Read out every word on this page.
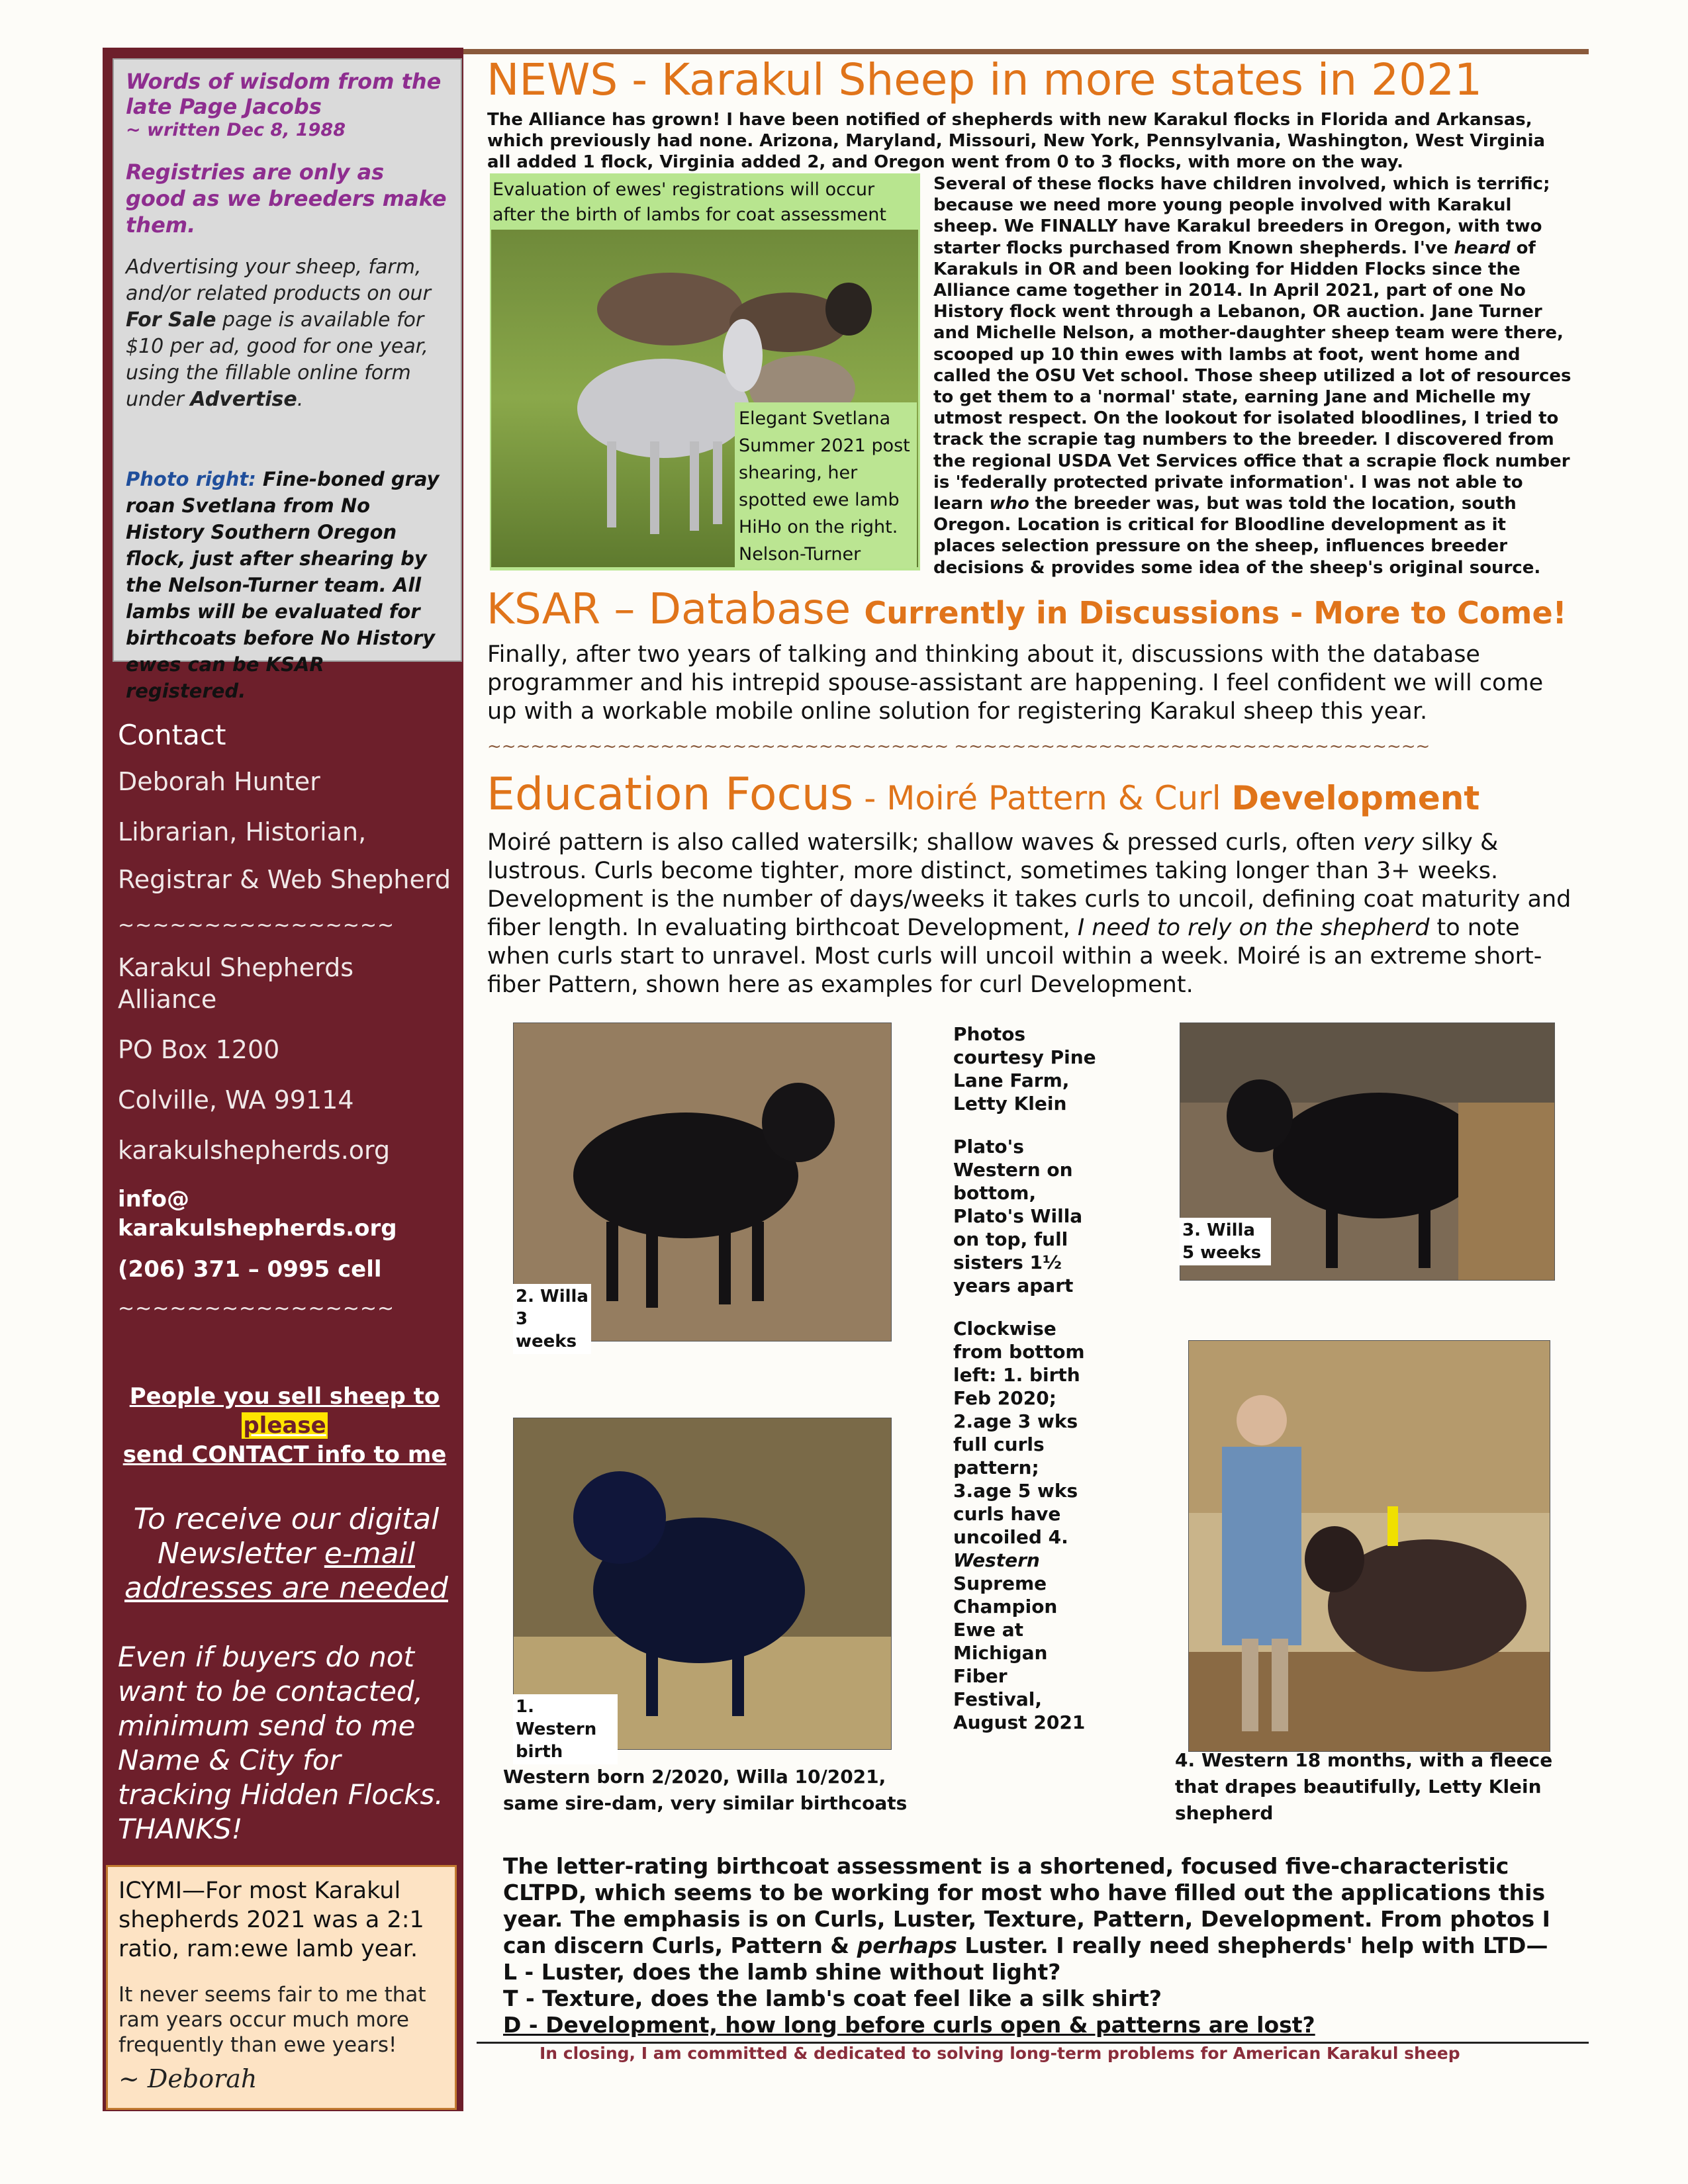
Words of wisdom from the late Page Jacobs

~ written Dec 8, 1988

Registries are only as good as we breeders make them.

Advertising your sheep, farm, and/or related products on our For Sale page is available for $10 per ad, good for one year, using the fillable online form under Advertise.

Photo right: Fine-boned gray roan Svetlana from No History Southern Oregon flock, just after shearing by the Nelson-Turner team. All lambs will be evaluated for birthcoats before No History ewes can be KSAR registered.

Contact

Deborah Hunter

Librarian, Historian,

Registrar & Web Shepherd

~~~~~~~~~~~~~~~~

Karakul Shepherds Alliance

PO Box 1200

Colville, WA 99114

karakulshepherds.org

info@

karakulshepherds.org

(206) 371 – 0995 cell

~~~~~~~~~~~~~~~~

People you sell sheep to
please
send CONTACT info to me
To receive our digital Newsletter e-mail addresses are needed
Even if buyers do not want to be contacted, minimum send to me Name & City for tracking Hidden Flocks. THANKS!

ICYMI—For most Karakul shepherds 2021 was a 2:1 ratio, ram:ewe lamb year.

It never seems fair to me that ram years occur much more frequently than ewe years!

~ Deborah

NEWS - Karakul Sheep in more states in 2021
The Alliance has grown! I have been notified of shepherds with new Karakul flocks in Florida and Arkansas, which previously had none. Arizona, Maryland, Missouri, New York, Pennsylvania, Washington, West Virginia all added 1 flock, Virginia added 2, and Oregon went from 0 to 3 flocks, with more on the way.
Evaluation of ewes' registrations will occur after the birth of lambs for coat assessment
Elegant Svetlana Summer 2021 post shearing, her spotted ewe lamb HiHo on the right. Nelson-Turner
Several of these flocks have children involved, which is terrific; because we need more young people involved with Karakul sheep. We FINALLY have Karakul breeders in Oregon, with two starter flocks purchased from Known shepherds. I've heard of Karakuls in OR and been looking for Hidden Flocks since the Alliance came together in 2014. In April 2021, part of one No History flock went through a Lebanon, OR auction. Jane Turner and Michelle Nelson, a mother-daughter sheep team were there, scooped up 10 thin ewes with lambs at foot, went home and called the OSU Vet school. Those sheep utilized a lot of resources to get them to a 'normal' state, earning Jane and Michelle my utmost respect. On the lookout for isolated bloodlines, I tried to track the scrapie tag numbers to the breeder. I discovered from the regional USDA Vet Services office that a scrapie flock number is 'federally protected private information'. I was not able to learn who the breeder was, but was told the location, south Oregon. Location is critical for Bloodline development as it places selection pressure on the sheep, influences breeder decisions & provides some idea of the sheep's original source.
KSAR – Database Currently in Discussions - More to Come!
Finally, after two years of talking and thinking about it, discussions with the database programmer and his intrepid spouse-assistant are happening. I feel confident we will come up with a workable mobile online solution for registering Karakul sheep this year.
~~~~~~~~~~~~~~~~~~~~~~~~~~~~~~~~ ~~~~~~~~~~~~~~~~~~~~~~~~~~~~~~~~~
Education Focus - Moiré Pattern & Curl Development
Moiré pattern is also called watersilk; shallow waves & pressed curls, often very silky & lustrous. Curls become tighter, more distinct, sometimes taking longer than 3+ weeks. Development is the number of days/weeks it takes curls to uncoil, defining coat maturity and fiber length. In evaluating birthcoat Development, I need to rely on the shepherd to note when curls start to unravel. Most curls will uncoil within a week. Moiré is an extreme short-fiber Pattern, shown here as examples for curl Development.
2. Willa 3 weeks
3. Willa 5 weeks

Photos courtesy Pine Lane Farm, Letty Klein

Plato's Western on bottom, Plato's Willa on top, full sisters 1½ years apart

Clockwise from bottom left: 1. birth Feb 2020; 2.age 3 wks full curls pattern; 3.age 5 wks curls have uncoiled 4. Western Supreme Champion Ewe at Michigan Fiber Festival, August 2021

1. Western birth
Western born 2/2020, Willa 10/2021, same sire-dam, very similar birthcoats
4. Western 18 months, with a fleece that drapes beautifully, Letty Klein shepherd

The letter-rating birthcoat assessment is a shortened, focused five-characteristic CLTPD, which seems to be working for most who have filled out the applications this year. The emphasis is on Curls, Luster, Texture, Pattern, Development. From photos I can discern Curls, Pattern & perhaps Luster. I really need shepherds' help with LTD—

L - Luster, does the lamb shine without light?

T - Texture, does the lamb's coat feel like a silk shirt?

D - Development, how long before curls open & patterns are lost?

In closing, I am committed & dedicated to solving long-term problems for American Karakul sheep
